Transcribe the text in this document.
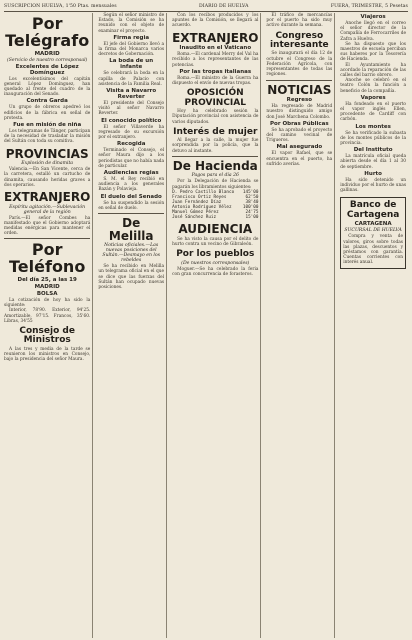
SUSCRIPCION HUELVA, 1'50 Ptas. mensuales	DIARIO DE HUELVA	FUERA, TRIMESTRE, 5 Pesetas
Por Telégrafo
MADRID
(Servicio de nuestro corresponsal)
Excelentes de López Domínguez

Los excelentísimos del capitán general López Domínguez, han quedado al frente del cuadro de la inauguración del Senado.

Contra Garda

Un grupo de obreros apedreó los edificios de la fábrica en señal de protesta.

Fue en misión de niña

Los telegramas de Tánger, participan de la necesidad de trasladar la misión del Sultán con toda su comitiva.

PROVINCIAS
Explosión de dinamita

Valencia.—En San Vicente, cerca de la carretera, estalló un cartucho de dinamita, causando heridas graves a dos operarios.

EXTRANJERO
Espíritu agitación.—Sublevación general de la región

París.—El señor Combes ha manifestado que el Gobierno adoptará medidas enérgicas para mantener el orden.

Por Teléfono
Del día 25, a las 19
MADRID
BOLSA

La cotización de hoy ha sido la siguiente:

Interior, 78'90. Exterior, 94'25. Amortizable, 97'15. Francos, 35'60. Libras, 34'55

Consejo de Ministros

A las tres y media de la tarde se reunieron los ministros en Consejo, bajo la presidencia del señor Maura.

Según el señor ministro de Estado, la Comisión se ha reunido con el objeto de examinar el proyecto.

Firma regia

El jefe del Gobierno llevó a la firma del Monarca varios decretos de Gobernación.

La boda de un infante

Se celebrará la boda en la capilla de Palacio con asistencia de la Familia Real.

Visita a Navarro Reverter

El presidente del Consejo visitó al señor Navarro Reverter.

El conocido político

El señor Villaverde ha regresado de su excursión por el extranjero.

Recogida

Terminado el Consejo, el señor Maura dijo a los periodistas que no había nada de particular.

Audiencias regias

S. M. el Rey recibió en audiencia a los generales Bazán y Polavieja.

El duelo del Senado

Se ha suspendido la sesión en señal de duelo.

De Melilla
Noticias oficiales.—Las nuevas posiciones del Sultán.—Desmayo en los rebeldes

Se ha recibido en Melilla un telegrama oficial en el que se dice que las fuerzas del Sultán han ocupado nuevas posiciones.

Con los recibos producidos y los apuntes de la Comisión, se llegará al acuerdo.

EXTRANJERO
Inaudito en el Vaticano

Roma.—El cardenal Merry del Val ha recibido a los representantes de las potencias.

Por las tropas italianas

Roma.—El ministro de la Guerra ha dispuesto el envío de nuevas tropas.

OPOSICIÓN PROVINCIAL

Hoy ha celebrado sesión la Diputación provincial con asistencia de varios diputados.

Interés de mujer

Al llegar a la calle, la mujer fue sorprendida por la policía, que la detuvo al instante.

De Hacienda
Pagos para el día 26

Por la Delegación de Hacienda se pagarán los libramientos siguientes:

D. Pedro Castillo Blanco 145'00
Francisco Ortiz Reyes	62'50
Juan Fernández Díaz	38'40
Antonio Rodríguez Vélez	100'00
Manuel Gómez Pérez	24'75
José Sánchez Ruiz	15'00
AUDIENCIA

Se ha visto la causa por el delito de hurto contra un vecino de Gibraleón.

Por los pueblos
(De nuestros corresponsales)

Moguer.—Se ha celebrado la feria con gran concurrencia de forasteros.

El tráfico de mercancías por el puerto ha sido muy activo durante la semana.

Congreso interesante

Se inaugurará el día 12 de octubre el Congreso de la Federación Agrícola, con representantes de todas las regiones.

NOTICIAS
Regreso

Ha regresado de Madrid nuestro distinguido amigo don José Marchena Colombo.

Por Obras Públicas

Se ha aprobado el proyecto del camino vecinal de Trigueros.

Mal asegurado

El vapor Rafael, que se encuentra en el puerto, ha sufrido averías.

Viajeros

Anoche llegó en el correo el señor director de la Compañía de Ferrocarriles de Zafra a Huelva.

Se ha dispuesto que los maestros de escuela perciban sus haberes por la Tesorería de Hacienda.

El Ayuntamiento ha acordado la reparación de las calles del barrio obrero.

Anoche se celebró en el teatro Colón la función a beneficio de la compañía.

Vapores

Ha fondeado en el puerto el vapor inglés Ellen, procedente de Cardiff con carbón.

Los montes

Se ha verificado la subasta de los montes públicos de la provincia.

Del Instituto

La matrícula oficial queda abierta desde el día 1 al 30 de septiembre.

Hurto

Ha sido detenido un individuo por el hurto de unas gallinas.

Banco de Cartagena
CARTAGENA
SUCURSAL DE HUELVA

Compra y venta de valores, giros sobre todas las plazas, descuentos y préstamos con garantía. Cuentas corrientes con interés anual.
